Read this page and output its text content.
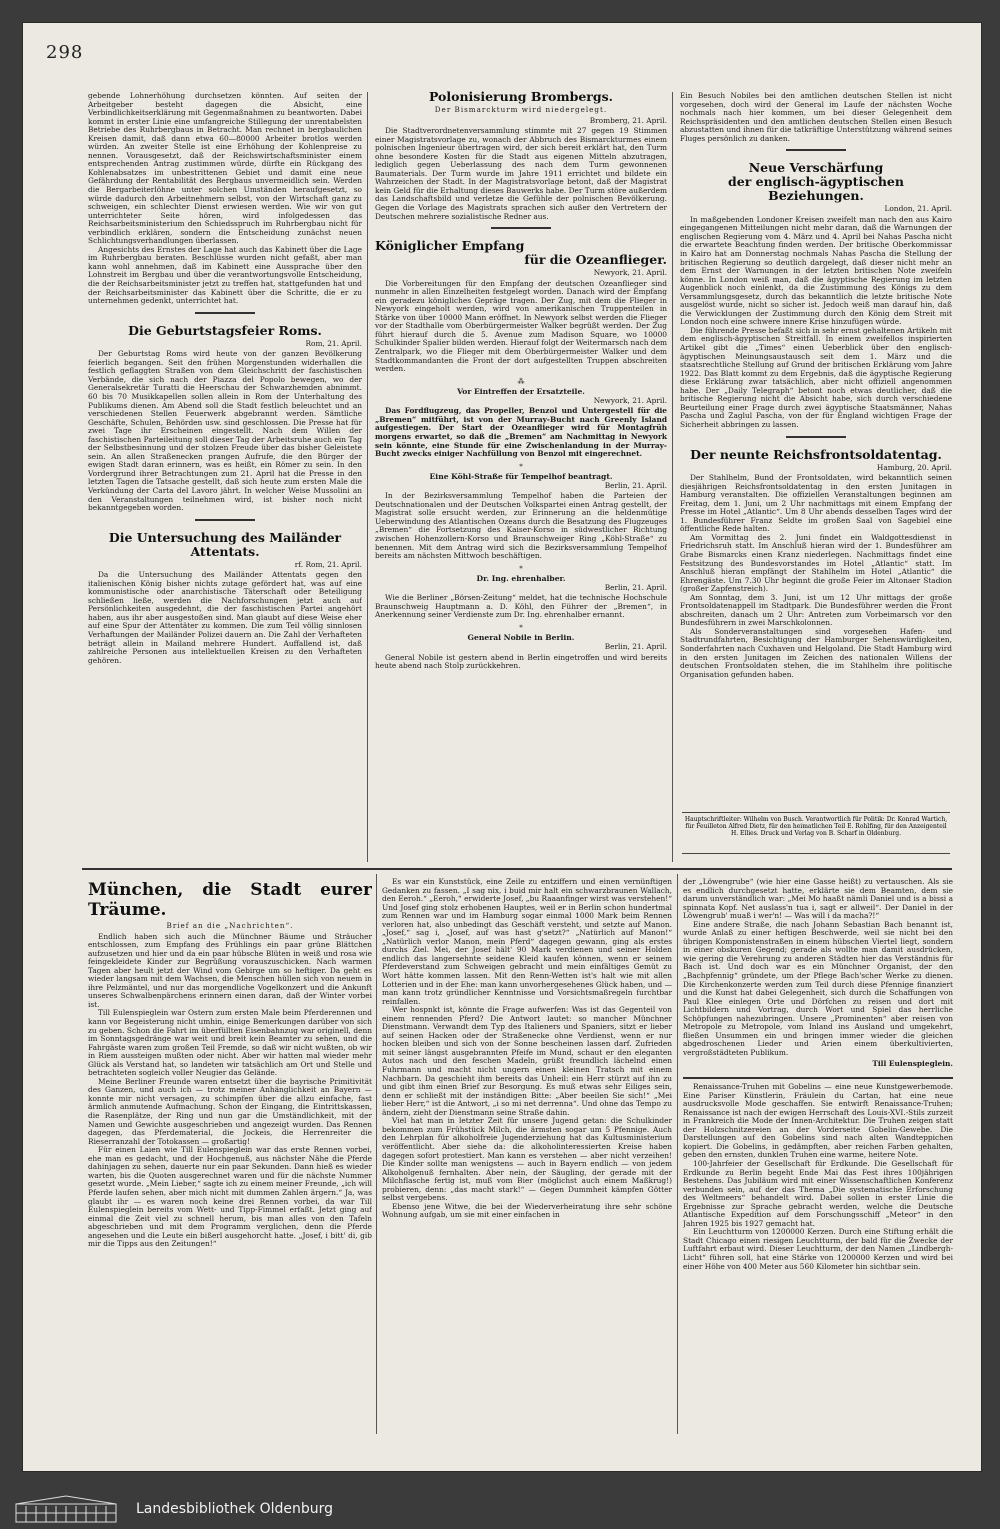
298

gebende Lohnerhöhung durchsetzen könnten. Auf seiten der Arbeitgeber besteht dagegen die Absicht, eine Verbindlichkeitserklärung mit Gegenmaßnahmen zu beantworten. Dabei kommt in erster Linie eine umfangreiche Stillegung der unrentabelsten Betriebe des Ruhrbergbaus in Betracht. Man rechnet in bergbaulichen Kreisen damit, daß dann etwa 60—80000 Arbeiter brotlos werden würden. An zweiter Stelle ist eine Erhöhung der Kohlenpreise zu nennen. Vorausgesetzt, daß der Reichswirtschaftsminister einem entsprechenden Antrag zustimmen würde, dürfte ein Rückgang des Kohlenabsatzes im unbestrittenen Gebiet und damit eine neue Gefährdung der Rentabilität des Bergbaus unvermeidlich sein. Werden die Bergarbeiterlöhne unter solchen Umständen heraufgesetzt, so würde dadurch den Arbeitnehmern selbst, von der Wirtschaft ganz zu schweigen, ein schlechter Dienst erwiesen werden. Wie wir von gut unterrichteter Seite hören, wird infolgedessen das Reichsarbeitsministerium den Schiedsspruch im Ruhrbergbau nicht für verbindlich erklären, sondern die Entscheidung zunächst neuen Schlichtungsverhandlungen überlassen.

Angesichts des Ernstes der Lage hat auch das Kabinett über die Lage im Ruhrbergbau beraten. Beschlüsse wurden nicht gefaßt, aber man kann wohl annehmen, daß im Kabinett eine Aussprache über den Lohnstreit im Bergbau und über die verantwortungsvolle Entscheidung, die der Reichsarbeitsminister jetzt zu treffen hat, stattgefunden hat und der Reichsarbeitsminister das Kabinett über die Schritte, die er zu unternehmen gedenkt, unterrichtet hat.

Die Geburtstagsfeier Roms.
Rom, 21. April.

Der Geburtstag Roms wird heute von der ganzen Bevölkerung feierlich begangen. Seit den frühen Morgenstunden widerhallen die festlich geflaggten Straßen von dem Gleichschritt der faschistischen Verbände, die sich nach der Piazza del Popolo bewegen, wo der Generalsekretär Turatti die Heerschau der Schwarzhemden abnimmt. 60 bis 70 Musikkapellen sollen allein in Rom der Unterhaltung des Publikums dienen. Am Abend soll die Stadt festlich beleuchtet und an verschiedenen Stellen Feuerwerk abgebrannt werden. Sämtliche Geschäfte, Schulen, Behörden usw. sind geschlossen. Die Presse hat für zwei Tage ihr Erscheinen eingestellt. Nach dem Willen der faschistischen Parteileitung soll dieser Tag der Arbeitsruhe auch ein Tag der Selbstbesinnung und der stolzen Freude über das bisher Geleistete sein. An allen Straßenecken prangen Aufrufe, die den Bürger der ewigen Stadt daran erinnern, was es heißt, ein Römer zu sein. In den Vordergrund ihrer Betrachtungen zum 21. April hat die Presse in den letzten Tagen die Tatsache gestellt, daß sich heute zum ersten Male die Verkündung der Carta del Lavoro jährt. In welcher Weise Mussolini an den Veranstaltungen teilnehmen wird, ist bisher noch nicht bekanntgegeben worden.

Die Untersuchung des Mailänder Attentats.
rf. Rom, 21. April.

Da die Untersuchung des Mailänder Attentats gegen den italienischen König bisher nichts zutage gefördert hat, was auf eine kommunistische oder anarchistische Täterschaft oder Beteiligung schließen ließe, werden die Nachforschungen jetzt auch auf Persönlichkeiten ausgedehnt, die der faschistischen Partei angehört haben, aus ihr aber ausgestoßen sind. Man glaubt auf diese Weise eher auf eine Spur der Attentäter zu kommen. Die zum Teil völlig sinnlosen Verhaftungen der Mailänder Polizei dauern an. Die Zahl der Verhafteten beträgt allein in Mailand mehrere Hundert. Auffallend ist, daß zahlreiche Personen aus intellektuellen Kreisen zu den Verhafteten gehören.

Polonisierung Brombergs.
Der Bismarckturm wird niedergelegt.
Bromberg, 21. April.

Die Stadtverordnetenversammlung stimmte mit 27 gegen 19 Stimmen einer Magistratsvorlage zu, wonach der Abbruch des Bismarckturmes einem polnischen Ingenieur übertragen wird, der sich bereit erklärt hat, den Turm ohne besondere Kosten für die Stadt aus eigenen Mitteln abzutragen, lediglich gegen Ueberlassung des nach dem Turm gewonnenen Baumaterials. Der Turm wurde im Jahre 1911 errichtet und bildete ein Wahrzeichen der Stadt. In der Magistratsvorlage betont, daß der Magistrat kein Geld für die Erhaltung dieses Bauwerks habe. Der Turm störe außerdem das Landschaftsbild und verletze die Gefühle der polnischen Bevölkerung. Gegen die Vorlage des Magistrats sprachen sich außer den Vertretern der Deutschen mehrere sozialistische Redner aus.

Königlicher Empfang
für die Ozeanflieger.
Newyork, 21. April.

Die Vorbereitungen für den Empfang der deutschen Ozeanflieger sind nunmehr in allen Einzelheiten festgelegt worden. Danach wird der Empfang ein geradezu königliches Gepräge tragen. Der Zug, mit dem die Flieger in Newyork eingeholt werden, wird von amerikanischen Truppenteilen in Stärke von über 10000 Mann eröffnet. In Newyork selbst werden die Flieger vor der Stadthalle vom Oberbürgermeister Walker begrüßt werden. Der Zug führt hierauf durch die 5. Avenue zum Madison Square, wo 10000 Schulkinder Spalier bilden werden. Hierauf folgt der Weitermarsch nach dem Zentralpark, wo die Flieger mit dem Oberbürgermeister Walker und dem Stadtkommandanten die Front der dort aufgestellten Truppen abschreiten werden.

⁂
Vor Eintreffen der Ersatzteile.
Newyork, 21. April.

Das Fordflugzeug, das Propeller, Benzol und Untergestell für die „Bremen“ mitführt, ist von der Murray-Bucht nach Greenly Island aufgestiegen. Der Start der Ozeanflieger wird für Montagfrüh morgens erwartet, so daß die „Bremen“ am Nachmittag in Newyork sein könnte, eine Stunde für eine Zwischenlandung in der Murray-Bucht zwecks einiger Nachfüllung von Benzol mit eingerechnet.

*
Eine Köhl-Straße für Tempelhof beantragt.
Berlin, 21. April.

In der Bezirksversammlung Tempelhof haben die Parteien der Deutschnationalen und der Deutschen Volkspartei einen Antrag gestellt, der Magistrat solle ersucht werden, zur Erinnerung an die heldenmütige Ueberwindung des Atlantischen Ozeans durch die Besatzung des Flugzeuges „Bremen“ die Fortsetzung des Kaiser-Korso in südwestlicher Richtung zwischen Hohenzollern-Korso und Braunschweiger Ring „Köhl-Straße“ zu benennen. Mit dem Antrag wird sich die Bezirksversammlung Tempelhof bereits am nächsten Mittwoch beschäftigen.

*
Dr. Ing. ehrenhalber.
Berlin, 21. April.

Wie die Berliner „Börsen-Zeitung“ meldet, hat die technische Hochschule Braunschweig Hauptmann a. D. Köhl, den Führer der „Bremen“, in Anerkennung seiner Verdienste zum Dr. Ing. ehrenhalber ernannt.

*
General Nobile in Berlin.
Berlin, 21. April.

General Nobile ist gestern abend in Berlin eingetroffen und wird bereits heute abend nach Stolp zurückkehren.

Ein Besuch Nobiles bei den amtlichen deutschen Stellen ist nicht vorgesehen, doch wird der General im Laufe der nächsten Woche nochmals nach hier kommen, um bei dieser Gelegenheit dem Reichspräsidenten und den amtlichen deutschen Stellen einen Besuch abzustatten und ihnen für die tatkräftige Unterstützung während seines Fluges persönlich zu danken.

Neue Verschärfung
der englisch-ägyptischen Beziehungen.
London, 21. April.

In maßgebenden Londoner Kreisen zweifelt man nach den aus Kairo eingegangenen Mitteilungen nicht mehr daran, daß die Warnungen der englischen Regierung vom 4. März und 4. April bei Nahas Pascha nicht die erwartete Beachtung finden werden. Der britische Oberkommissar in Kairo hat am Donnerstag nochmals Nahas Pascha die Stellung der britischen Regierung so deutlich dargelegt, daß dieser nicht mehr an dem Ernst der Warnungen in der letzten britischen Note zweifeln könne. In London weiß man, daß die ägyptische Regierung im letzten Augenblick noch einlenkt, da die Zustimmung des Königs zu dem Versammlungsgesetz, durch das bekanntlich die letzte britische Note ausgelöst wurde, nicht so sicher ist. Jedoch weiß man darauf hin, daß die Verwicklungen der Zustimmung durch den König dem Streit mit London noch eine schwere innere Krise hinzufügen würde.

Die führende Presse befaßt sich in sehr ernst gehaltenen Artikeln mit dem englisch-ägyptischen Streitfall. In einem zweifellos inspirierten Artikel gibt die „Times“ einen Ueberblick über den englisch-ägyptischen Meinungsaustausch seit dem 1. März und die staatsrechtliche Stellung auf Grund der britischen Erklärung vom Jahre 1922. Das Blatt kommt zu dem Ergebnis, daß die ägyptische Regierung diese Erklärung zwar tatsächlich, aber nicht offiziell angenommen habe. Der „Daily Telegraph“ betont noch etwas deutlicher, daß die britische Regierung nicht die Absicht habe, sich durch verschiedene Beurteilung einer Frage durch zwei ägyptische Staatsmänner, Nahas Pascha und Zaglul Pascha, von der für England wichtigen Frage der Sicherheit abbringen zu lassen.

Der neunte Reichsfrontsoldatentag.
Hamburg, 20. April.

Der Stahlhelm, Bund der Frontsoldaten, wird bekanntlich seinen diesjährigen Reichsfrontsoldatentag in den ersten Junitagen in Hamburg veranstalten. Die offiziellen Veranstaltungen beginnen am Freitag, dem 1. Juni, um 2 Uhr nachmittags mit einem Empfang der Presse im Hotel „Atlantic“. Um 8 Uhr abends desselben Tages wird der 1. Bundesführer Franz Seldte im großen Saal von Sagebiel eine öffentliche Rede halten.

Am Vormittag des 2. Juni findet ein Waldgottesdienst in Friedrichsruh statt. Im Anschluß hieran wird der 1. Bundesführer am Grabe Bismarcks einen Kranz niederlegen. Nachmittags findet eine Festsitzung des Bundesvorstandes im Hotel „Atlantic“ statt. Im Anschluß hieran empfängt der Stahlhelm im Hotel „Atlantic“ die Ehrengäste. Um 7.30 Uhr beginnt die große Feier im Altonaer Stadion (großer Zapfenstreich).

Am Sonntag, dem 3. Juni, ist um 12 Uhr mittags der große Frontsoldatenappell im Stadtpark. Die Bundesführer werden die Front abschreiten, danach um 2 Uhr: Antreten zum Vorbeimarsch vor den Bundesführern in zwei Marschkolonnen.

Als Sonderveranstaltungen sind vorgesehen Hafen- und Stadtrundfahrten, Besichtigung der Hamburger Sehenswürdigkeiten, Sonderfahrten nach Cuxhaven und Helgoland. Die Stadt Hamburg wird in den ersten Junitagen im Zeichen des nationalen Willens der deutschen Frontsoldaten stehen, die im Stahlhelm ihre politische Organisation gefunden haben.

Hauptschriftleiter: Wilhelm von Busch. Verantwortlich für Politik: Dr. Konrad Wartich, für Feuilleton Alfred Dietz, für den heimatlichen Teil E. Rohlfing, für den Anzeigenteil H. Ellies. Druck und Verlag von B. Scharf in Oldenburg.
München, die Stadt eurer Träume.
Brief an die „Nachrichten“.

Endlich haben sich auch die Münchner Bäume und Sträucher entschlossen, zum Empfang des Frühlings ein paar grüne Blättchen aufzusetzen und hier und da ein paar hübsche Blüten in weiß und rosa wie feingekleidete Kinder zur Begrüßung vorauszuschicken. Nach warmen Tagen aber heult jetzt der Wind vom Gebirge um so heftiger. Da geht es wieder langsam mit dem Wachsen, die Menschen hüllen sich von neuem in ihre Pelzmäntel, und nur das morgendliche Vogelkonzert und die Ankunft unseres Schwalbenpärchens erinnern einen daran, daß der Winter vorbei ist.

Till Eulenspieglein war Ostern zum ersten Male beim Pferderennen und kann vor Begeisterung nicht umhin, einige Bemerkungen darüber von sich zu geben. Schon die Fahrt im überfüllten Eisenbahnzug war originell, denn im Sonntagsgedränge war weit und breit kein Beamter zu sehen, und die Fahrgäste waren zum großen Teil Fremde, so daß wir nicht wußten, ob wir in Riem aussteigen mußten oder nicht. Aber wir hatten mal wieder mehr Glück als Verstand hat, so landeten wir tatsächlich am Ort und Stelle und betrachteten sogleich voller Neugier das Gelände.

Meine Berliner Freunde waren entsetzt über die bayrische Primitivität des Ganzen, und auch ich — trotz meiner Anhänglichkeit an Bayern — konnte mir nicht versagen, zu schimpfen über die allzu einfache, fast ärmlich anmutende Aufmachung. Schon der Eingang, die Eintrittskassen, die Rasenplätze, der Ring und nun gar die Umständlichkeit, mit der Namen und Gewichte ausgeschrieben und angezeigt wurden. Das Rennen dagegen, das Pferdematerial, die Jockeis, die Herrenreiter die Rieserranzahl der Totokassen — großartig!

Für einen Laien wie Till Eulenspieglein war das erste Rennen vorbei, ehe man es gedacht, und der Hochgenuß, aus nächster Nähe die Pferde dahinjagen zu sehen, dauerte nur ein paar Sekunden. Dann hieß es wieder warten, bis die Quoten ausgerechnet waren und für die nächste Nummer gesetzt wurde. „Mein Lieber,“ sagte ich zu einem meiner Freunde, „ich will Pferde laufen sehen, aber mich nicht mit dummen Zahlen ärgern.“ Ja, was glaubt ihr — es waren noch keine drei Rennen vorbei, da war Till Eulenspieglein bereits vom Wett- und Tipp-Fimmel erfaßt. Jetzt ging auf einmal die Zeit viel zu schnell herum, bis man alles von den Tafeln abgeschrieben und mit dem Programm verglichen, denn die Pferde angesehen und die Leute ein bißerl ausgehorcht hatte. „Josef, i bitt' di, gib mir die Tipps aus den Zeitungen!“

Es war ein Kunststück, eine Zeile zu entziffern und einen vernünftigen Gedanken zu fassen. „I sag nix, i buid mir halt ein schwarzbraunen Wallach, den Eeroh.“ „Eeroh,“ erwiderte Josef, „bu Raaanfinger wirst was verstehen!“ Und Josef ging stolz erhobenen Hauptes, weil er in Berlin schon hundertmal zum Rennen war und im Hamburg sogar einmal 1000 Mark beim Rennen verloren hat, also unbedingt das Geschäft versteht, und setzte auf Manon. „Josef,“ sag i, „Josef, auf was hast g'setzt?“ „Natürlich auf Manon!“ „Natürlich verlor Manon, mein Pferd“ dagegen gewann, ging als erstes durchs Ziel. Mei, der Josef hält' 90 Mark verdienen und seiner Holden endlich das langersehnte seidene Kleid kaufen können, wenn er seinem Pferdeverstand zum Schweigen gebracht und mein einfältiges Gemüt zu Wort hätte kommen lassen. Mit den Renn-Wetten ist's halt wie mit allen Lotterien und in der Ehe: man kann unvorhergesehenes Glück haben, und — man kann trotz gründlicher Kenntnisse und Vorsichtsmaßregeln furchtbar reinfallen.

Wer hospnkt ist, könnte die Frage aufwerfen: Was ist das Gegenteil von einem rennenden Pferd? Die Antwort lautet: so mancher Münchner Dienstmann. Verwandt dem Typ des Italieners und Spaniers, sitzt er lieber auf seinen Hacken oder der Straßenecke ohne Verdienst, wenn er nur hocken bleiben und sich von der Sonne bescheinen lassen darf. Zufrieden mit seiner längst ausgebrannten Pfeife im Mund, schaut er den eleganten Autos nach und den feschen Madeln, grüßt freundlich lächelnd einen Fuhrmann und macht nicht ungern einen kleinen Tratsch mit einem Nachbarn. Da geschieht ihm bereits das Unheil: ein Herr stürzt auf ihn zu und gibt ihm einen Brief zur Besorgung. Es muß etwas sehr Eiliges sein, denn er schließt mit der inständigen Bitte: „Aber beeilen Sie sich!“ „Mei lieber Herr,“ ist die Antwort, „i so mi net derrenna“. Und ohne das Tempo zu ändern, zieht der Dienstmann seine Straße dahin.

Viel hat man in letzter Zeit für unsere Jugend getan: die Schulkinder bekommen zum Frühstück Milch, die ärmsten sogar um 5 Pfennige. Auch den Lehrplan für alkoholfreie Jugenderziehung hat das Kultusministerium veröffentlicht. Aber siehe da: die alkoholinteressierten Kreise haben dagegen sofort protestiert. Man kann es verstehen — aber nicht verzeihen! Die Kinder sollte man wenigstens — auch in Bayern endlich — von jedem Alkoholgenuß fernhalten. Aber nein, der Säugling, der gerade mit der Milchflasche fertig ist, muß vom Bier (möglichst auch einem Maßkrug!) probieren, denn: „das macht stark!“ — Gegen Dummheit kämpfen Götter selbst vergebens.

Ebenso jene Witwe, die bei der Wiederverheiratung ihre sehr schöne Wohnung aufgab, um sie mit einer einfachen in

der „Löwengrube“ (wie hier eine Gasse heißt) zu vertauschen. Als sie es endlich durchgesetzt hatte, erklärte sie dem Beamten, dem sie darum unverständlich war: „Mei Mo haaßt nämli Daniel und is a bissi a spinnata Kopf. Net auslass'n tua i, sagt er allweil“. Der Daniel in der Löwengrub' muaß i wer'n! — Was will i da macha?!“

Eine andere Straße, die nach Johann Sebastian Bach benannt ist, wurde Anlaß zu einer heftigen Beschwerde, weil sie nicht bei den übrigen Komponistenstraßen in einem hübschen Viertel liegt, sondern in einer obskuren Gegend; gerade als wollte man damit ausdrücken, wie gering die Verehrung zu anderen Städten hier das Verständnis für Bach ist. Und doch war es ein Münchner Organist, der den „Bachpfennig“ gründete, um der Pflege Bach'scher Werke zu dienen. Die Kirchenkonzerte werden zum Teil durch diese Pfennige finanziert und die Kunst hat dabei Gelegenheit, sich durch die Schaffungen von Paul Klee einlegen Orte und Dörfchen zu reisen und dort mit Lichtbildern und Vortrag, durch Wort und Spiel das herrliche Schöpfungen nahezubringen. Unsere „Prominenten“ aber reisen von Metropole zu Metropole, vom Inland ins Ausland und umgekehrt, fließen Unsummen ein und bringen immer wieder die gleichen abgedroschenen Lieder und Arien einem überkultivierten, vergroßstädteten Publikum.

Till Eulenspieglein.

Renaissance-Truhen mit Gobelins — eine neue Kunstgewerbemode. Eine Pariser Künstlerin, Fräulein du Cartan, hat eine neue ausdrucksvolle Mode geschaffen. Sie entwirft Renaissance-Truhen; Renaissance ist nach der ewigen Herrschaft des Louis-XVI.-Stils zurzeit in Frankreich die Mode der Innen-Architektur. Die Truhen zeigen statt der Holzschnitzereien an der Vorderseite Gobelin-Gewebe. Die Darstellungen auf den Gobelins sind nach alten Wandteppichen kopiert. Die Gobelins, in gedämpften, aber reichen Farben gehalten, geben den ernsten, dunklen Truhen eine warme, heitere Note.

100-Jahrfeier der Gesellschaft für Erdkunde. Die Gesellschaft für Erdkunde zu Berlin begeht Ende Mai das Fest ihres 100jährigen Bestehens. Das Jubiläum wird mit einer Wissenschaftlichen Konferenz verbunden sein, auf der das Thema „Die systematische Erforschung des Weltmeers“ behandelt wird. Dabei sollen in erster Linie die Ergebnisse zur Sprache gebracht werden, welche die Deutsche Atlantische Expedition auf dem Forschungsschiff „Meteor“ in den Jahren 1925 bis 1927 gemacht hat.

Ein Leuchtturm von 1200000 Kerzen. Durch eine Stiftung erhält die Stadt Chicago einen riesigen Leuchtturm, der bald für die Zwecke der Luftfahrt erbaut wird. Dieser Leuchtturm, der den Namen „Lindbergh-Licht“ führen soll, hat eine Stärke von 1200000 Kerzen und wird bei einer Höhe von 400 Meter aus 560 Kilometer hin sichtbar sein.

Landesbibliothek Oldenburg
